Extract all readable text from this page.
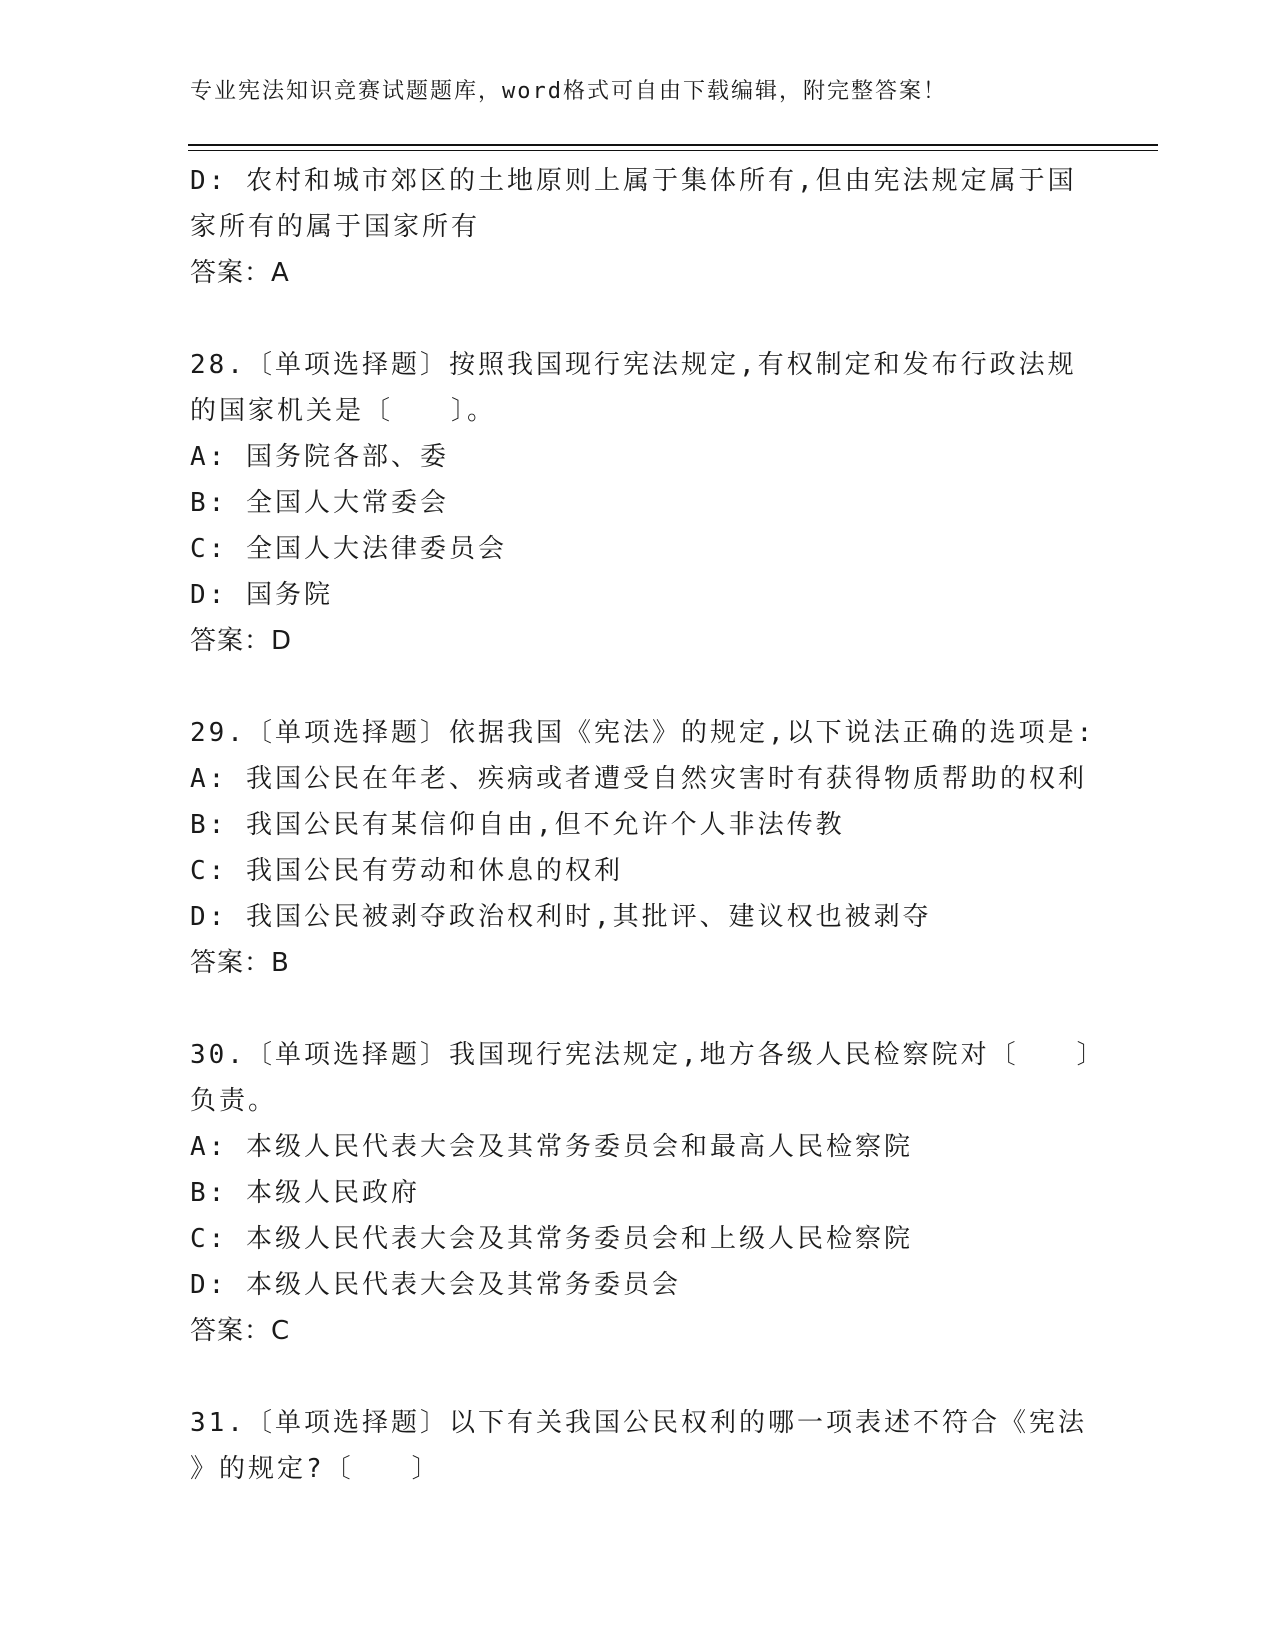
专业宪法知识竞赛试题题库，word格式可自由下载编辑，附完整答案！
D: 农村和城市郊区的土地原则上属于集体所有,但由宪法规定属于国
家所有的属于国家所有
答案：A
28.〔单项选择题〕按照我国现行宪法规定,有权制定和发布行政法规
的国家机关是〔　　〕。
A: 国务院各部、委
B: 全国人大常委会
C: 全国人大法律委员会
D: 国务院
答案：D
29.〔单项选择题〕依据我国《宪法》的规定,以下说法正确的选项是:
A: 我国公民在年老、疾病或者遭受自然灾害时有获得物质帮助的权利
B: 我国公民有某信仰自由,但不允许个人非法传教
C: 我国公民有劳动和休息的权利
D: 我国公民被剥夺政治权利时,其批评、建议权也被剥夺
答案：B
30.〔单项选择题〕我国现行宪法规定,地方各级人民检察院对〔　　〕
负责。
A: 本级人民代表大会及其常务委员会和最高人民检察院
B: 本级人民政府
C: 本级人民代表大会及其常务委员会和上级人民检察院
D: 本级人民代表大会及其常务委员会
答案：C
31.〔单项选择题〕以下有关我国公民权利的哪一项表述不符合《宪法
》的规定?〔　　〕
